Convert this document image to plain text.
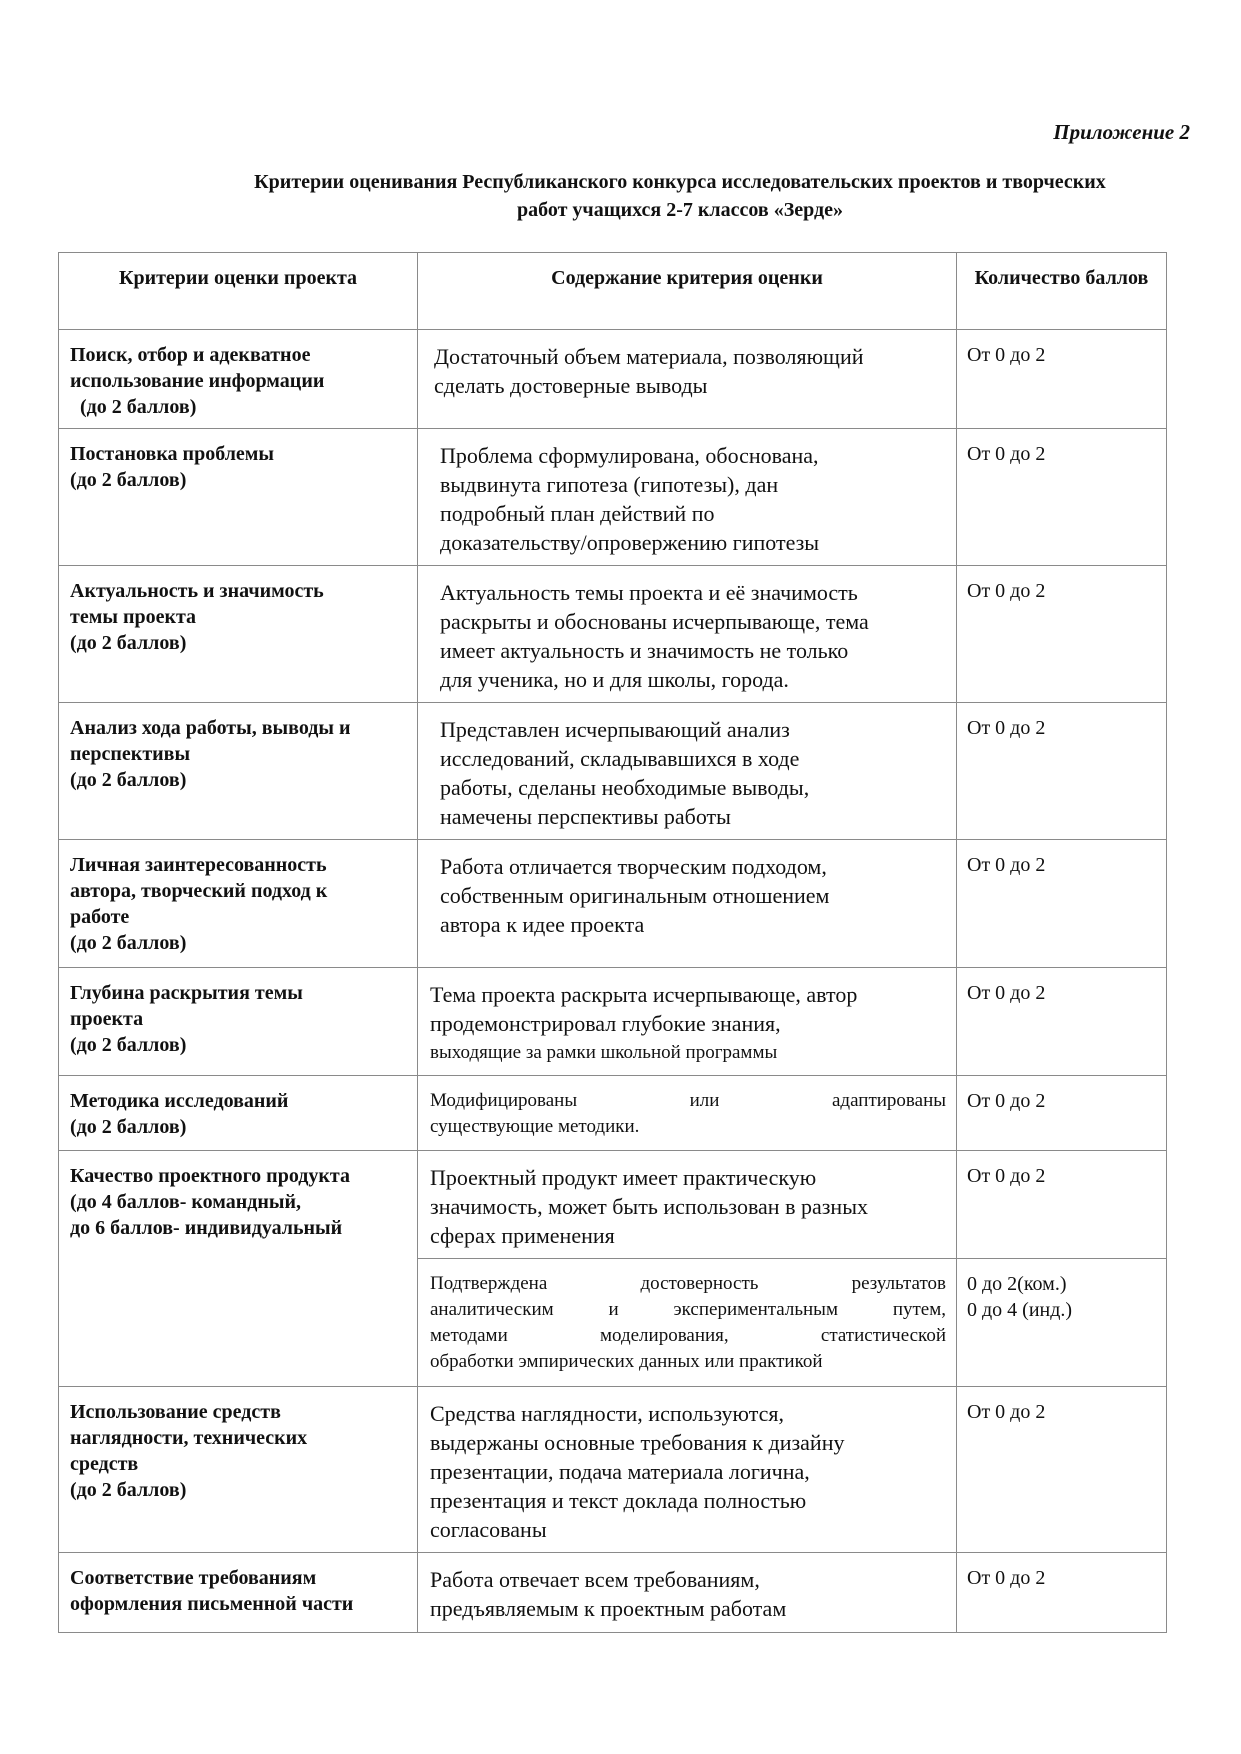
Приложение 2
Критерии оценивания Республиканского конкурса исследовательских проектов и творческих
работ учащихся 2-7 классов «Зерде»
Критерии оценки проекта	Содержание критерия оценки	Количество баллов

Поиск, отбор и адекватное
использование информации
(до 2 баллов)	Достаточный объем материала, позволяющий
сделать достоверные выводы	От 0 до 2

Постановка проблемы
(до 2 баллов)	Проблема сформулирована, обоснована,
выдвинута гипотеза (гипотезы), дан
подробный план действий по
доказательству/опровержению гипотезы	От 0 до 2

Актуальность и значимость
темы проекта
(до 2 баллов)	Актуальность темы проекта и её значимость
раскрыты и обоснованы исчерпывающе, тема
имеет актуальность и значимость не только
для ученика, но и для школы, города.	От 0 до 2

Анализ хода работы, выводы и
перспективы
(до 2 баллов)	Представлен исчерпывающий анализ
исследований, складывавшихся в ходе
работы, сделаны необходимые выводы,
намечены перспективы работы	От 0 до 2

Личная заинтересованность
автора, творческий подход к
работе
(до 2 баллов)	Работа отличается творческим подходом,
собственным оригинальным отношением
автора к идее проекта	От 0 до 2

Глубина раскрытия темы
проекта
(до 2 баллов)	Тема проекта раскрыта исчерпывающе, автор
продемонстрировал глубокие знания,
выходящие за рамки школьной программы	От 0 до 2

Методика исследований
(до 2 баллов)	Модифицированы или адаптированы
существующие методики.	От 0 до 2

Качество проектного продукта
(до 4 баллов- командный,
до 6 баллов- индивидуальный	Проектный продукт имеет практическую
значимость, может быть использован в разных
сферах применения	От 0 до 2

	Подтверждена достоверность результатов
аналитическим и экспериментальным путем,
методами моделирования, статистической
обработки эмпирических данных или практикой	0 до 2(ком.)
0 до 4 (инд.)

Использование средств
наглядности, технических
средств
(до 2 баллов)	Средства наглядности, используются,
выдержаны основные требования к дизайну
презентации, подача материала логична,
презентация и текст доклада полностью
согласованы	От 0 до 2

Соответствие требованиям
оформления письменной части	Работа отвечает всем требованиям,
предъявляемым к проектным работам	От 0 до 2
